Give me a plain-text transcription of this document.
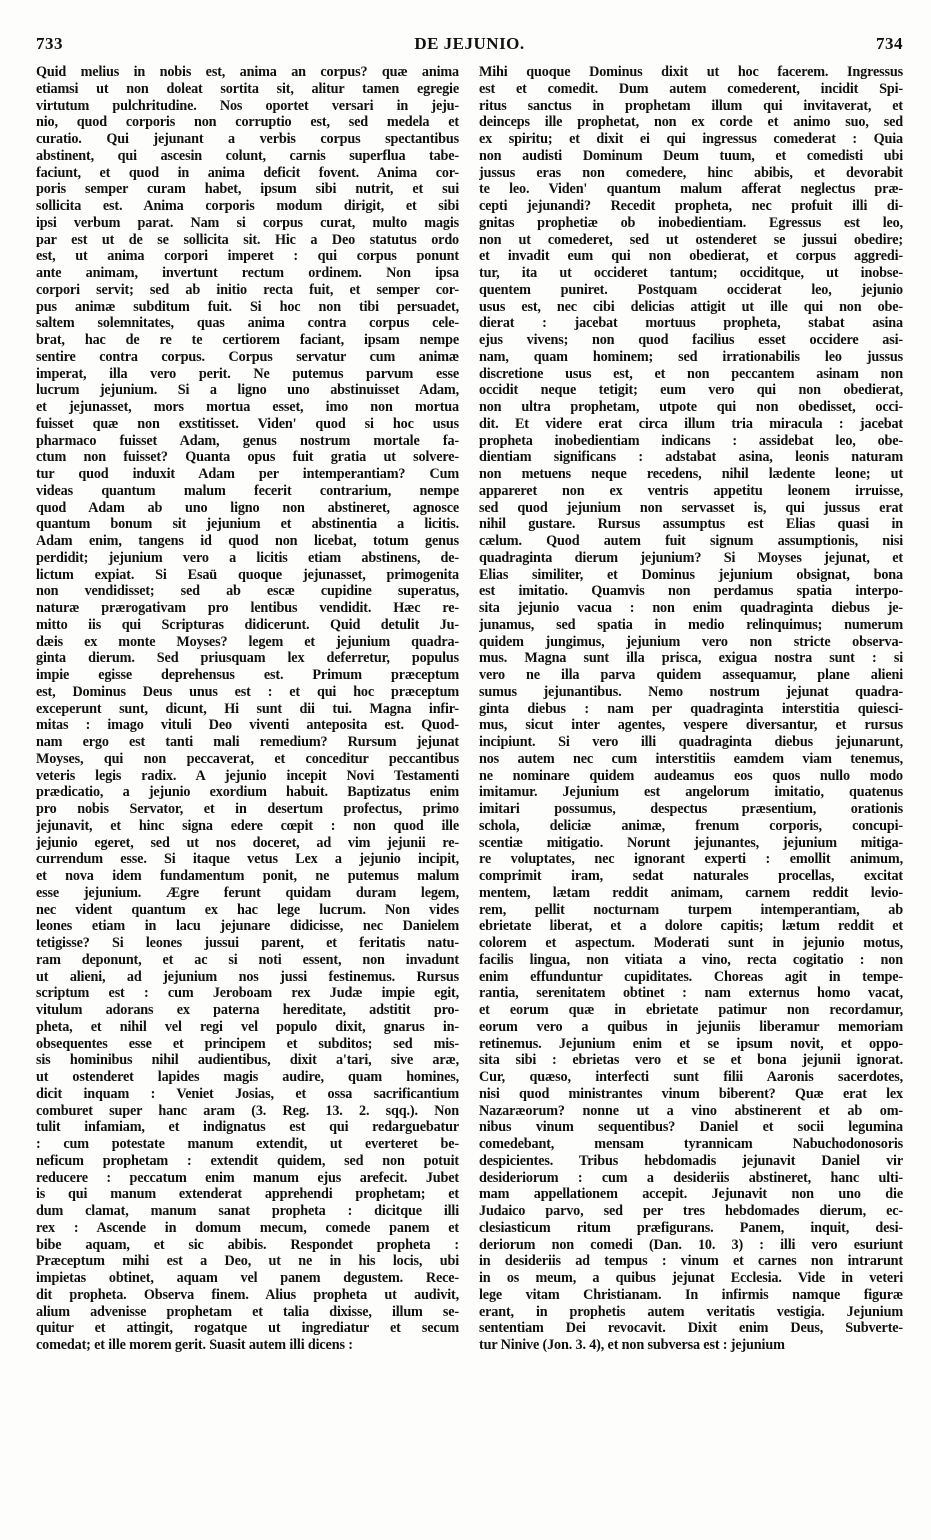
733	DE JEJUNIO.	734
Quid melius in nobis est, anima an corpus? quæ anima
etiamsi ut non doleat sortita sit, alitur tamen egregie
virtutum pulchritudine. Nos oportet versari in jeju-
nio, quod corporis non corruptio est, sed medela et
curatio. Qui jejunant a verbis corpus spectantibus
abstinent, qui ascesin colunt, carnis superflua tabe-
faciunt, et quod in anima deficit fovent. Anima cor-
poris semper curam habet, ipsum sibi nutrit, et sui
sollicita est. Anima corporis modum dirigit, et sibi
ipsi verbum parat. Nam si corpus curat, multo magis
par est ut de se sollicita sit. Hic a Deo statutus ordo
est, ut anima corpori imperet : qui corpus ponunt
ante animam, invertunt rectum ordinem. Non ipsa
corpori servit; sed ab initio recta fuit, et semper cor-
pus animæ subditum fuit. Si hoc non tibi persuadet,
saltem solemnitates, quas anima contra corpus cele-
brat, hac de re te certiorem faciant, ipsam nempe
sentire contra corpus. Corpus servatur cum animæ
imperat, illa vero perit. Ne putemus parvum esse
lucrum jejunium. Si a ligno uno abstinuisset Adam,
et jejunasset, mors mortua esset, imo non mortua
fuisset quæ non exstitisset. Viden' quod si hoc usus
pharmaco fuisset Adam, genus nostrum mortale fa-
ctum non fuisset? Quanta opus fuit gratia ut solvere-
tur quod induxit Adam per intemperantiam? Cum
videas quantum malum fecerit contrarium, nempe
quod Adam ab uno ligno non abstineret, agnosce
quantum bonum sit jejunium et abstinentia a licitis.
Adam enim, tangens id quod non licebat, totum genus
perdidit; jejunium vero a licitis etiam abstinens, de-
lictum expiat. Si Esaü quoque jejunasset, primogenita
non vendidisset; sed ab escæ cupidine superatus,
naturæ prærogativam pro lentibus vendidit. Hæc re-
mitto iis qui Scripturas didicerunt. Quid detulit Ju-
dæis ex monte Moyses? legem et jejunium quadra-
ginta dierum. Sed priusquam lex deferretur, populus
impie egisse deprehensus est. Primum præceptum
est, Dominus Deus unus est : et qui hoc præceptum
exceperunt sunt, dicunt, Hi sunt dii tui. Magna infir-
mitas : imago vituli Deo viventi anteposita est. Quod-
nam ergo est tanti mali remedium? Rursum jejunat
Moyses, qui non peccaverat, et conceditur peccantibus
veteris legis radix. A jejunio incepit Novi Testamenti
prædicatio, a jejunio exordium habuit. Baptizatus enim
pro nobis Servator, et in desertum profectus, primo
jejunavit, et hinc signa edere cœpit : non quod ille
jejunio egeret, sed ut nos doceret, ad vim jejunii re-
currendum esse. Si itaque vetus Lex a jejunio incipit,
et nova idem fundamentum ponit, ne putemus malum
esse jejunium. Ægre ferunt quidam duram legem,
nec vident quantum ex hac lege lucrum. Non vides
leones etiam in lacu jejunare didicisse, nec Danielem
tetigisse? Si leones jussui parent, et feritatis natu-
ram deponunt, et ac si noti essent, non invadunt
ut alieni, ad jejunium nos jussi festinemus. Rursus
scriptum est : cum Jeroboam rex Judæ impie egit,
vitulum adorans ex paterna hereditate, adstitit pro-
pheta, et nihil vel regi vel populo dixit, gnarus in-
obsequentes esse et principem et subditos; sed mis-
sis hominibus nihil audientibus, dixit a'tari, sive aræ,
ut ostenderet lapides magis audire, quam homines,
dicit inquam : Veniet Josias, et ossa sacrificantium
comburet super hanc aram (3. Reg. 13. 2. sqq.). Non
tulit infamiam, et indignatus est qui redarguebatur
: cum potestate manum extendit, ut everteret be-
neficum prophetam : extendit quidem, sed non potuit
reducere : peccatum enim manum ejus arefecit. Jubet
is qui manum extenderat apprehendi prophetam; et
dum clamat, manum sanat propheta : dicitque illi
rex : Ascende in domum mecum, comede panem et
bibe aquam, et sic abibis. Respondet propheta :
Præceptum mihi est a Deo, ut ne in his locis, ubi
impietas obtinet, aquam vel panem degustem. Rece-
dit propheta. Observa finem. Alius propheta ut audivit,
alium advenisse prophetam et talia dixisse, illum se-
quitur et attingit, rogatque ut ingrediatur et secum
comedat; et ille morem gerit. Suasit autem illi dicens :
Mihi quoque Dominus dixit ut hoc facerem. Ingressus
est et comedit. Dum autem comederent, incidit Spi-
ritus sanctus in prophetam illum qui invitaverat, et
deinceps ille prophetat, non ex corde et animo suo, sed
ex spiritu; et dixit ei qui ingressus comederat : Quia
non audisti Dominum Deum tuum, et comedisti ubi
jussus eras non comedere, hinc abibis, et devorabit
te leo. Viden' quantum malum afferat neglectus præ-
cepti jejunandi? Recedit propheta, nec profuit illi di-
gnitas prophetiæ ob inobedientiam. Egressus est leo,
non ut comederet, sed ut ostenderet se jussui obedire;
et invadit eum qui non obedierat, et corpus aggredi-
tur, ita ut occideret tantum; occiditque, ut inobse-
quentem puniret. Postquam occiderat leo, jejunio
usus est, nec cibi delicias attigit ut ille qui non obe-
dierat : jacebat mortuus propheta, stabat asina
ejus vivens; non quod facilius esset occidere asi-
nam, quam hominem; sed irrationabilis leo jussus
discretione usus est, et non peccantem asinam non
occidit neque tetigit; eum vero qui non obedierat,
non ultra prophetam, utpote qui non obedisset, occi-
dit. Et videre erat circa illum tria miracula : jacebat
propheta inobedientiam indicans : assidebat leo, obe-
dientiam significans : adstabat asina, leonis naturam
non metuens neque recedens, nihil lædente leone; ut
appareret non ex ventris appetitu leonem irruisse,
sed quod jejunium non servasset is, qui jussus erat
nihil gustare. Rursus assumptus est Elias quasi in
cælum. Quod autem fuit signum assumptionis, nisi
quadraginta dierum jejunium? Si Moyses jejunat, et
Elias similiter, et Dominus jejunium obsignat, bona
est imitatio. Quamvis non perdamus spatia interpo-
sita jejunio vacua : non enim quadraginta diebus je-
junamus, sed spatia in medio relinquimus; numerum
quidem jungimus, jejunium vero non stricte observa-
mus. Magna sunt illa prisca, exigua nostra sunt : si
vero ne illa parva quidem assequamur, plane alieni
sumus jejunantibus. Nemo nostrum jejunat quadra-
ginta diebus : nam per quadraginta interstitia quiesci-
mus, sicut inter agentes, vespere diversantur, et rursus
incipiunt. Si vero illi quadraginta diebus jejunarunt,
nos autem nec cum interstitiis eamdem viam tenemus,
ne nominare quidem audeamus eos quos nullo modo
imitamur. Jejunium est angelorum imitatio, quatenus
imitari possumus, despectus præsentium, orationis
schola, deliciæ animæ, frenum corporis, concupi-
scentiæ mitigatio. Norunt jejunantes, jejunium mitiga-
re voluptates, nec ignorant experti : emollit animum,
comprimit iram, sedat naturales procellas, excitat
mentem, lætam reddit animam, carnem reddit levio-
rem, pellit nocturnam turpem intemperantiam, ab
ebrietate liberat, et a dolore capitis; lætum reddit et
colorem et aspectum. Moderati sunt in jejunio motus,
facilis lingua, non vitiata a vino, recta cogitatio : non
enim effunduntur cupiditates. Choreas agit in tempe-
rantia, serenitatem obtinet : nam externus homo vacat,
et eorum quæ in ebrietate patimur non recordamur,
eorum vero a quibus in jejuniis liberamur memoriam
retinemus. Jejunium enim et se ipsum novit, et oppo-
sita sibi : ebrietas vero et se et bona jejunii ignorat.
Cur, quæso, interfecti sunt filii Aaronis sacerdotes,
nisi quod ministrantes vinum biberent? Quæ erat lex
Nazaræorum? nonne ut a vino abstinerent et ab om-
nibus vinum sequentibus? Daniel et socii legumina
comedebant, mensam tyrannicam Nabuchodonosoris
despicientes. Tribus hebdomadis jejunavit Daniel vir
desideriorum : cum a desideriis abstineret, hanc ulti-
mam appellationem accepit. Jejunavit non uno die
Judaico parvo, sed per tres hebdomades dierum, ec-
clesiasticum ritum præfigurans. Panem, inquit, desi-
deriorum non comedi (Dan. 10. 3) : illi vero esuriunt
in desideriis ad tempus : vinum et carnes non intrarunt
in os meum, a quibus jejunat Ecclesia. Vide in veteri
lege vitam Christianam. In infirmis namque figuræ
erant, in prophetis autem veritatis vestigia. Jejunium
sententiam Dei revocavit. Dixit enim Deus, Subverte-
tur Ninive (Jon. 3. 4), et non subversa est : jejunium
